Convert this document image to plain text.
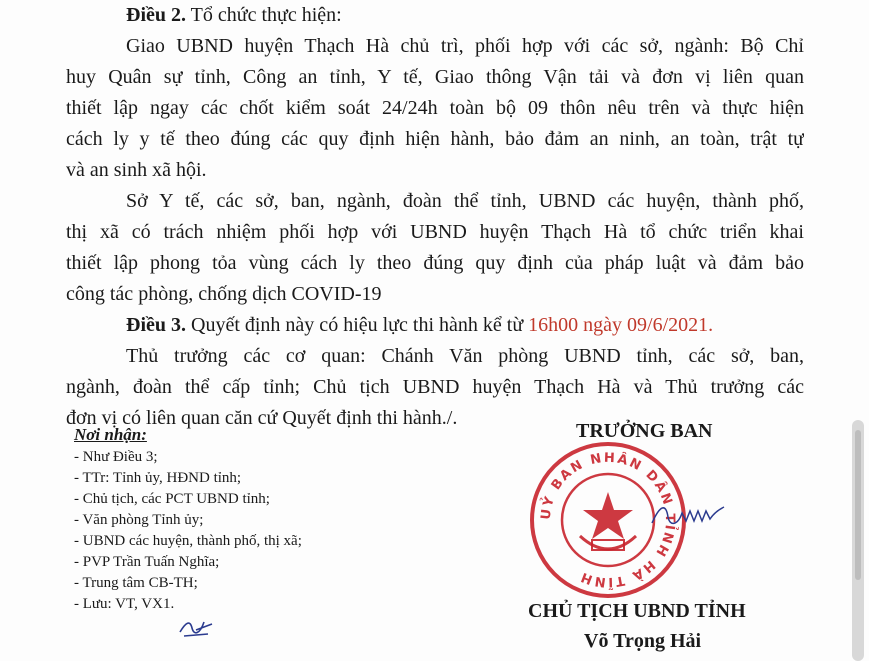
Điều 2. Tổ chức thực hiện:
Giao UBND huyện Thạch Hà chủ trì, phối hợp với các sở, ngành: Bộ Chỉ
huy Quân sự tỉnh, Công an tỉnh, Y tế, Giao thông Vận tải và đơn vị liên quan
thiết lập ngay các chốt kiểm soát 24/24h toàn bộ 09 thôn nêu trên và thực hiện
cách ly y tế theo đúng các quy định hiện hành, bảo đảm an ninh, an toàn, trật tự
và an sinh xã hội.
Sở Y tế, các sở, ban, ngành, đoàn thể tỉnh, UBND các huyện, thành phố,
thị xã có trách nhiệm phối hợp với UBND huyện Thạch Hà tổ chức triển khai
thiết lập phong tỏa vùng cách ly theo đúng quy định của pháp luật và đảm bảo
công tác phòng, chống dịch COVID-19
Điều 3. Quyết định này có hiệu lực thi hành kể từ 16h00 ngày 09/6/2021.
Thủ trưởng các cơ quan: Chánh Văn phòng UBND tỉnh, các sở, ban,
ngành, đoàn thể cấp tỉnh; Chủ tịch UBND huyện Thạch Hà và Thủ trưởng các
đơn vị có liên quan căn cứ Quyết định thi hành./.
Nơi nhận:
- Như Điều 3;
- TTr: Tỉnh ủy, HĐND tỉnh;
- Chủ tịch, các PCT UBND tỉnh;
- Văn phòng Tỉnh ủy;
- UBND các huyện, thành phố, thị xã;
- PVP Trần Tuấn Nghĩa;
- Trung tâm CB-TH;
- Lưu: VT, VX1.
TRƯỞNG BAN
UỶ BAN NHÂN DÂN TỈNH HÀ TĨNH
CHỦ TỊCH UBND TỈNH
Võ Trọng Hải
